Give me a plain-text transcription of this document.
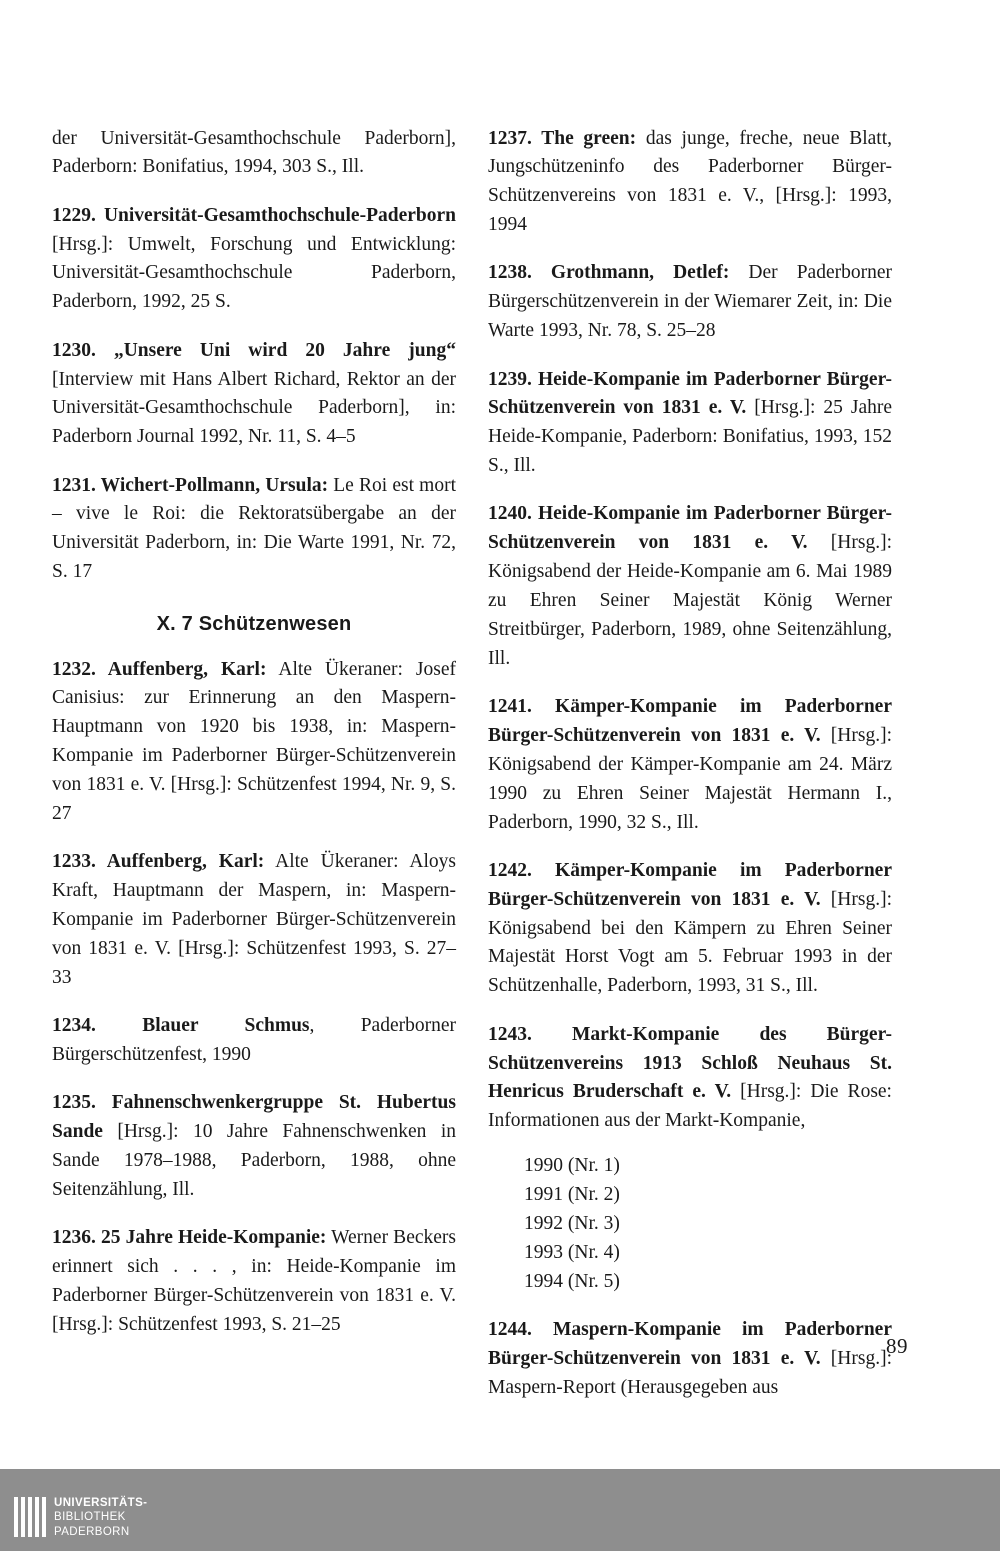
der Universität-Gesamthochschule Paderborn], Paderborn: Bonifatius, 1994, 303 S., Ill.

1229. Universität-Gesamthochschule-Paderborn [Hrsg.]: Umwelt, Forschung und Entwicklung: Universität-Gesamthochschule Paderborn, Paderborn, 1992, 25 S.

1230. „Unsere Uni wird 20 Jahre jung“ [Interview mit Hans Albert Richard, Rektor an der Universität-Gesamthochschule Paderborn], in: Paderborn Journal 1992, Nr. 11, S. 4–5

1231. Wichert-Pollmann, Ursula: Le Roi est mort – vive le Roi: die Rektoratsübergabe an der Universität Paderborn, in: Die Warte 1991, Nr. 72, S. 17

X. 7 Schützenwesen

1232. Auffenberg, Karl: Alte Ükeraner: Josef Canisius: zur Erinnerung an den Maspern-Hauptmann von 1920 bis 1938, in: Maspern-Kompanie im Paderborner Bürger-Schützenverein von 1831 e. V. [Hrsg.]: Schützenfest 1994, Nr. 9, S. 27

1233. Auffenberg, Karl: Alte Ükeraner: Aloys Kraft, Hauptmann der Maspern, in: Maspern-Kompanie im Paderborner Bürger-Schützenverein von 1831 e. V. [Hrsg.]: Schützenfest 1993, S. 27–33

1234. Blauer Schmus, Paderborner Bürgerschützenfest, 1990

1235. Fahnenschwenkergruppe St. Hubertus Sande [Hrsg.]: 10 Jahre Fahnenschwenken in Sande 1978–1988, Paderborn, 1988, ohne Seitenzählung, Ill.

1236. 25 Jahre Heide-Kompanie: Werner Beckers erinnert sich . . . , in: Heide-Kompanie im Paderborner Bürger-Schützenverein von 1831 e. V. [Hrsg.]: Schützenfest 1993, S. 21–25

1237. The green: das junge, freche, neue Blatt, Jungschützeninfo des Paderborner Bürger-Schützenvereins von 1831 e. V., [Hrsg.]: 1993, 1994

1238. Grothmann, Detlef: Der Paderborner Bürgerschützenverein in der Wiemarer Zeit, in: Die Warte 1993, Nr. 78, S. 25–28

1239. Heide-Kompanie im Paderborner Bürger-Schützenverein von 1831 e. V. [Hrsg.]: 25 Jahre Heide-Kompanie, Paderborn: Bonifatius, 1993, 152 S., Ill.

1240. Heide-Kompanie im Paderborner Bürger-Schützenverein von 1831 e. V. [Hrsg.]: Königsabend der Heide-Kompanie am 6. Mai 1989 zu Ehren Seiner Majestät König Werner Streitbürger, Paderborn, 1989, ohne Seitenzählung, Ill.

1241. Kämper-Kompanie im Paderborner Bürger-Schützenverein von 1831 e. V. [Hrsg.]: Königsabend der Kämper-Kompanie am 24. März 1990 zu Ehren Seiner Majestät Hermann I., Paderborn, 1990, 32 S., Ill.

1242. Kämper-Kompanie im Paderborner Bürger-Schützenverein von 1831 e. V. [Hrsg.]: Königsabend bei den Kämpern zu Ehren Seiner Majestät Horst Vogt am 5. Februar 1993 in der Schützenhalle, Paderborn, 1993, 31 S., Ill.

1243. Markt-Kompanie des Bürger-Schützenvereins 1913 Schloß Neuhaus St. Henricus Bruderschaft e. V. [Hrsg.]: Die Rose: Informationen aus der Markt-Kompanie,

1990 (Nr. 1)
1991 (Nr. 2)
1992 (Nr. 3)
1993 (Nr. 4)
1994 (Nr. 5)

1244. Maspern-Kompanie im Paderborner Bürger-Schützenverein von 1831 e. V. [Hrsg.]: Maspern-Report (Herausgegeben aus

89
UNIVERSITÄTS-
BIBLIOTHEK
PADERBORN
